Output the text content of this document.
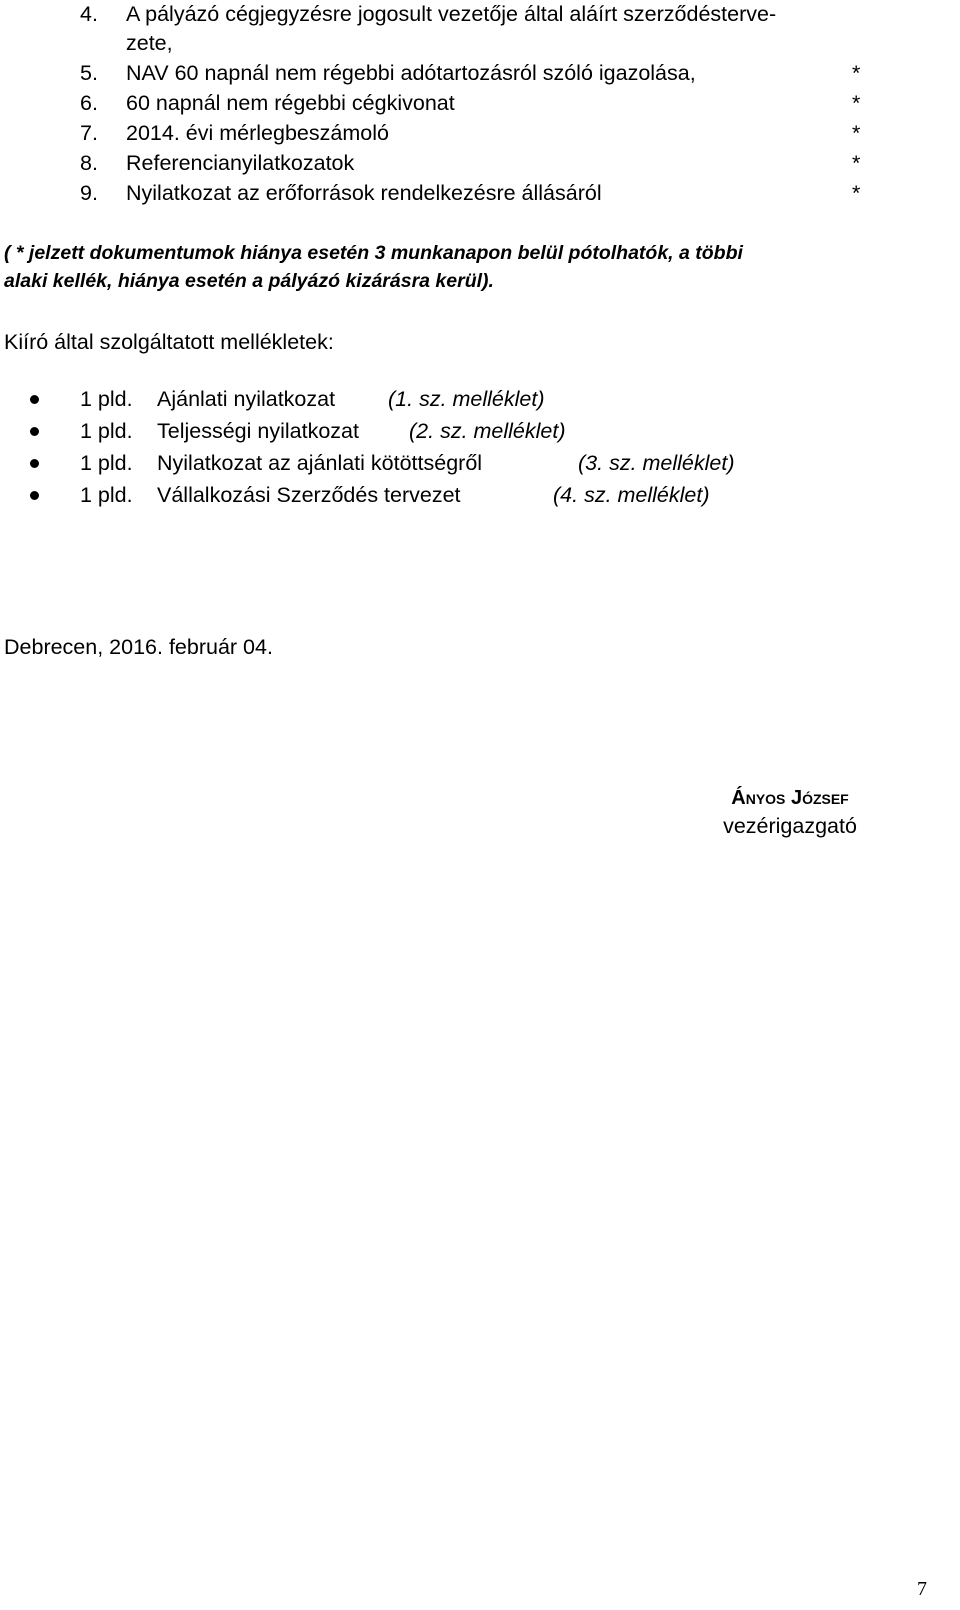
4.	A pályázó cégjegyzésre jogosult vezetője által aláírt szerződésterve-
zete,
5.	NAV 60 napnál nem régebbi adótartozásról szóló igazolása,	*
6.	60 napnál nem régebbi cégkivonat	*
7.	2014. évi mérlegbeszámoló	*
8.	Referencianyilatkozatok	*
9.	Nyilatkozat az erőforrások rendelkezésre állásáról	*
( * jelzett dokumentumok hiánya esetén 3 munkanapon belül pótolhatók, a többi
alaki kellék, hiánya esetén a pályázó kizárásra kerül).
Kiíró által szolgáltatott mellékletek:
1 pld. Ajánlati nyilatkozat (1. sz. melléklet)
1 pld. Teljességi nyilatkozat (2. sz. melléklet)
1 pld. Nyilatkozat az ajánlati kötöttségről	(3. sz. melléklet)
1 pld. Vállalkozási Szerződés tervezet	(4. sz. melléklet)
Debrecen, 2016. február 04.
Ányos József
vezérigazgató
7
